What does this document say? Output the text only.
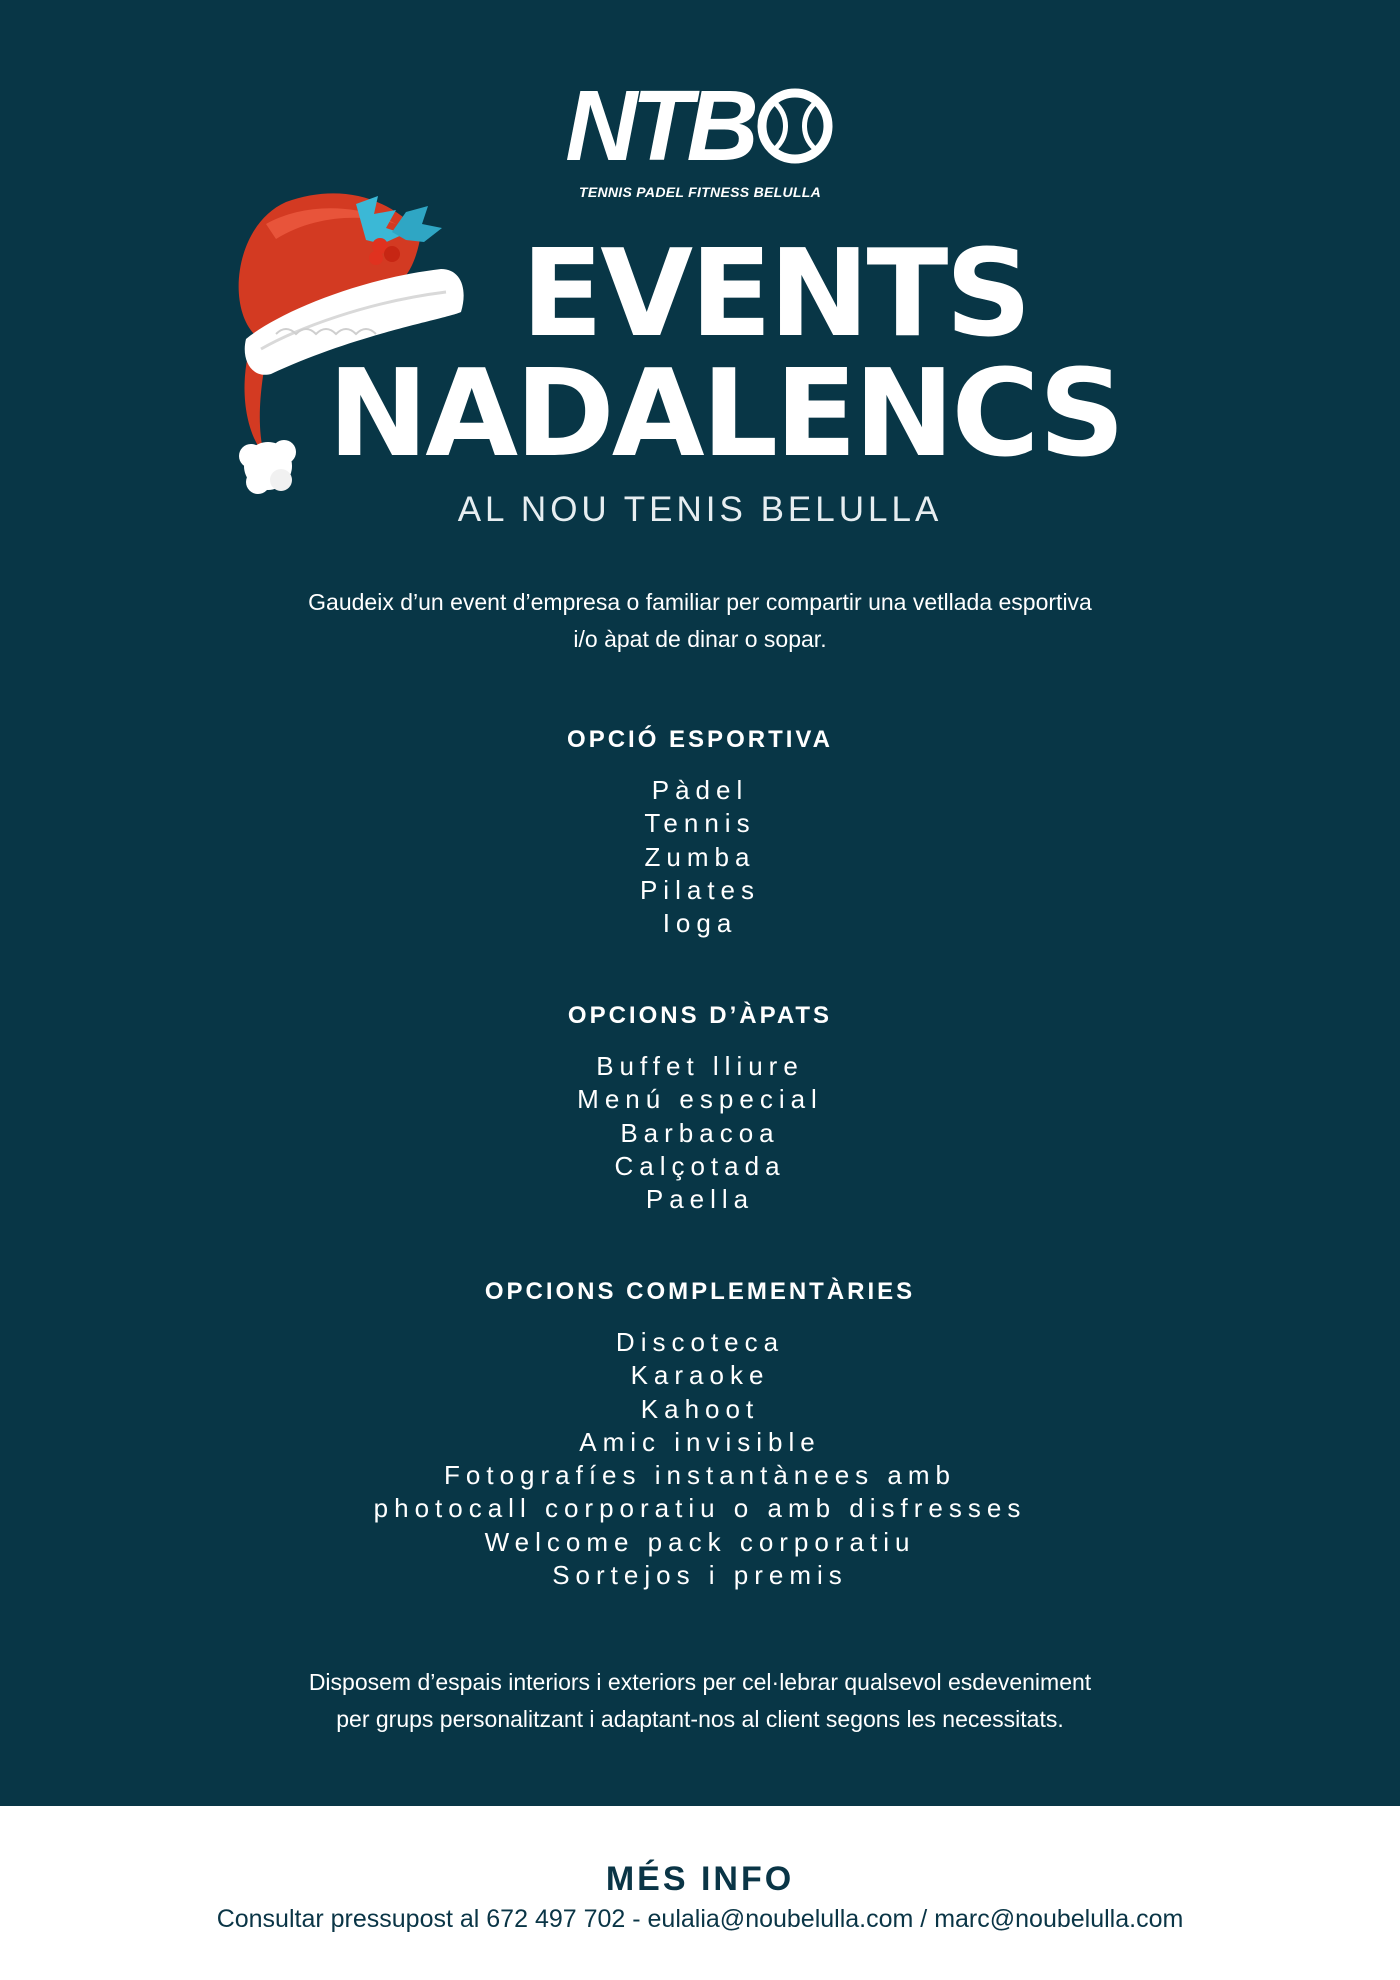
NTB
TENNIS PADEL FITNESS BELULLA
EVENTS
NADALENCS
AL NOU TENIS BELULLA
Gaudeix d’un event d’empresa o familiar per compartir una vetllada esportiva
i/o àpat de dinar o sopar.
OPCIÓ ESPORTIVA
Pàdel
Tennis
Zumba
Pilates
Ioga
OPCIONS D’ÀPATS
Buffet lliure
Menú especial
Barbacoa
Calçotada
Paella
OPCIONS COMPLEMENTÀRIES
Discoteca
Karaoke
Kahoot
Amic invisible
Fotografíes instantànees amb
photocall corporatiu o amb disfresses
Welcome pack corporatiu
Sortejos i premis
Disposem d’espais interiors i exteriors per cel·lebrar qualsevol esdeveniment
per grups personalitzant i adaptant-nos al client segons les necessitats.
MÉS INFO

Consultar pressupost al 672 497 702 - eulalia@noubelulla.com / marc@noubelulla.com
